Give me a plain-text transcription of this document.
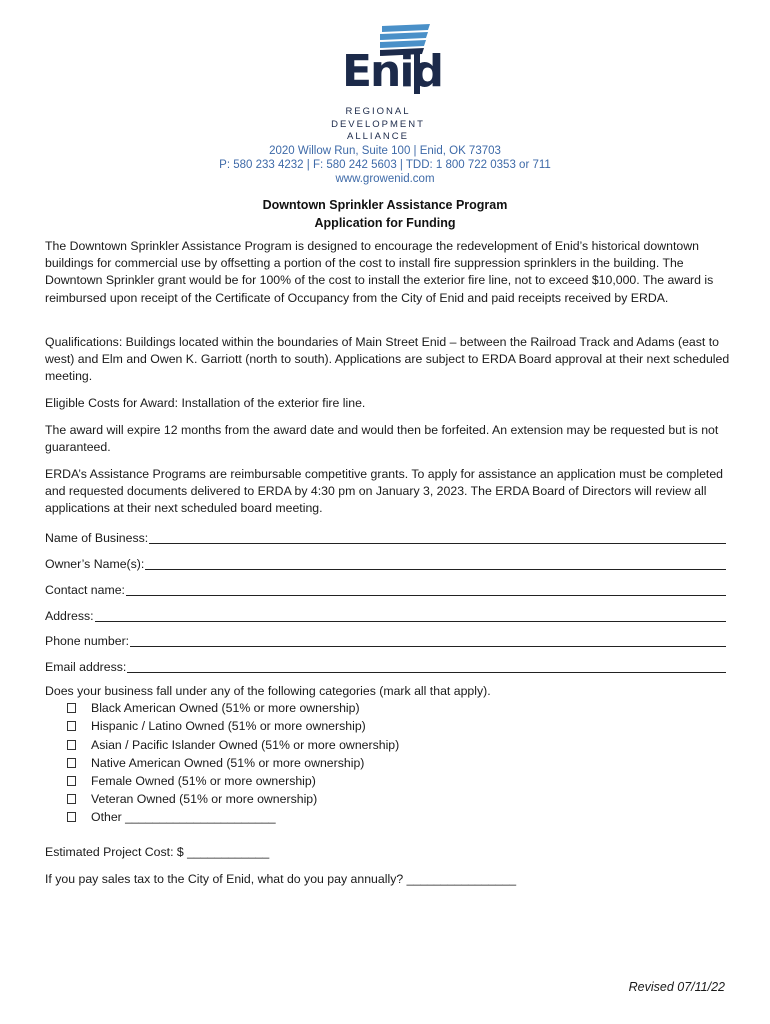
Enid
REGIONAL
DEVELOPMENT
ALLIANCE
2020 Willow Run, Suite 100 | Enid, OK 73703
P: 580 233 4232 | F: 580 242 5603 | TDD: 1 800 722 0353 or 711
www.growenid.com
Downtown Sprinkler Assistance Program
Application for Funding

The Downtown Sprinkler Assistance Program is designed to encourage the redevelopment of Enid’s historical downtown buildings for commercial use by offsetting a portion of the cost to install fire suppression sprinklers in the building. The Downtown Sprinkler grant would be for 100% of the cost to install the exterior fire line, not to exceed $10,000. The award is reimbursed upon receipt of the Certificate of Occupancy from the City of Enid and paid receipts received by ERDA.

Qualifications: Buildings located within the boundaries of Main Street Enid – between the Railroad Track and Adams (east to west) and Elm and Owen K. Garriott (north to south). Applications are subject to ERDA Board approval at their next scheduled meeting.

Eligible Costs for Award: Installation of the exterior fire line.

The award will expire 12 months from the award date and would then be forfeited. An extension may be requested but is not guaranteed.

ERDA’s Assistance Programs are reimbursable competitive grants. To apply for assistance an application must be completed and requested documents delivered to ERDA by 4:30 pm on January 3, 2023. The ERDA Board of Directors will review all applications at their next scheduled board meeting.

Name of Business:
Owner’s Name(s):
Contact name:
Address:
Phone number:
Email address:
Does your business fall under any of the following categories (mark all that apply).
Black American Owned (51% or more ownership)
Hispanic / Latino Owned (51% or more ownership)
Asian / Pacific Islander Owned (51% or more ownership)
Native American Owned (51% or more ownership)
Female Owned (51% or more ownership)
Veteran Owned (51% or more ownership)
Other ______________________
Estimated Project Cost: $ ____________
If you pay sales tax to the City of Enid, what do you pay annually? ________________
Revised 07/11/22
